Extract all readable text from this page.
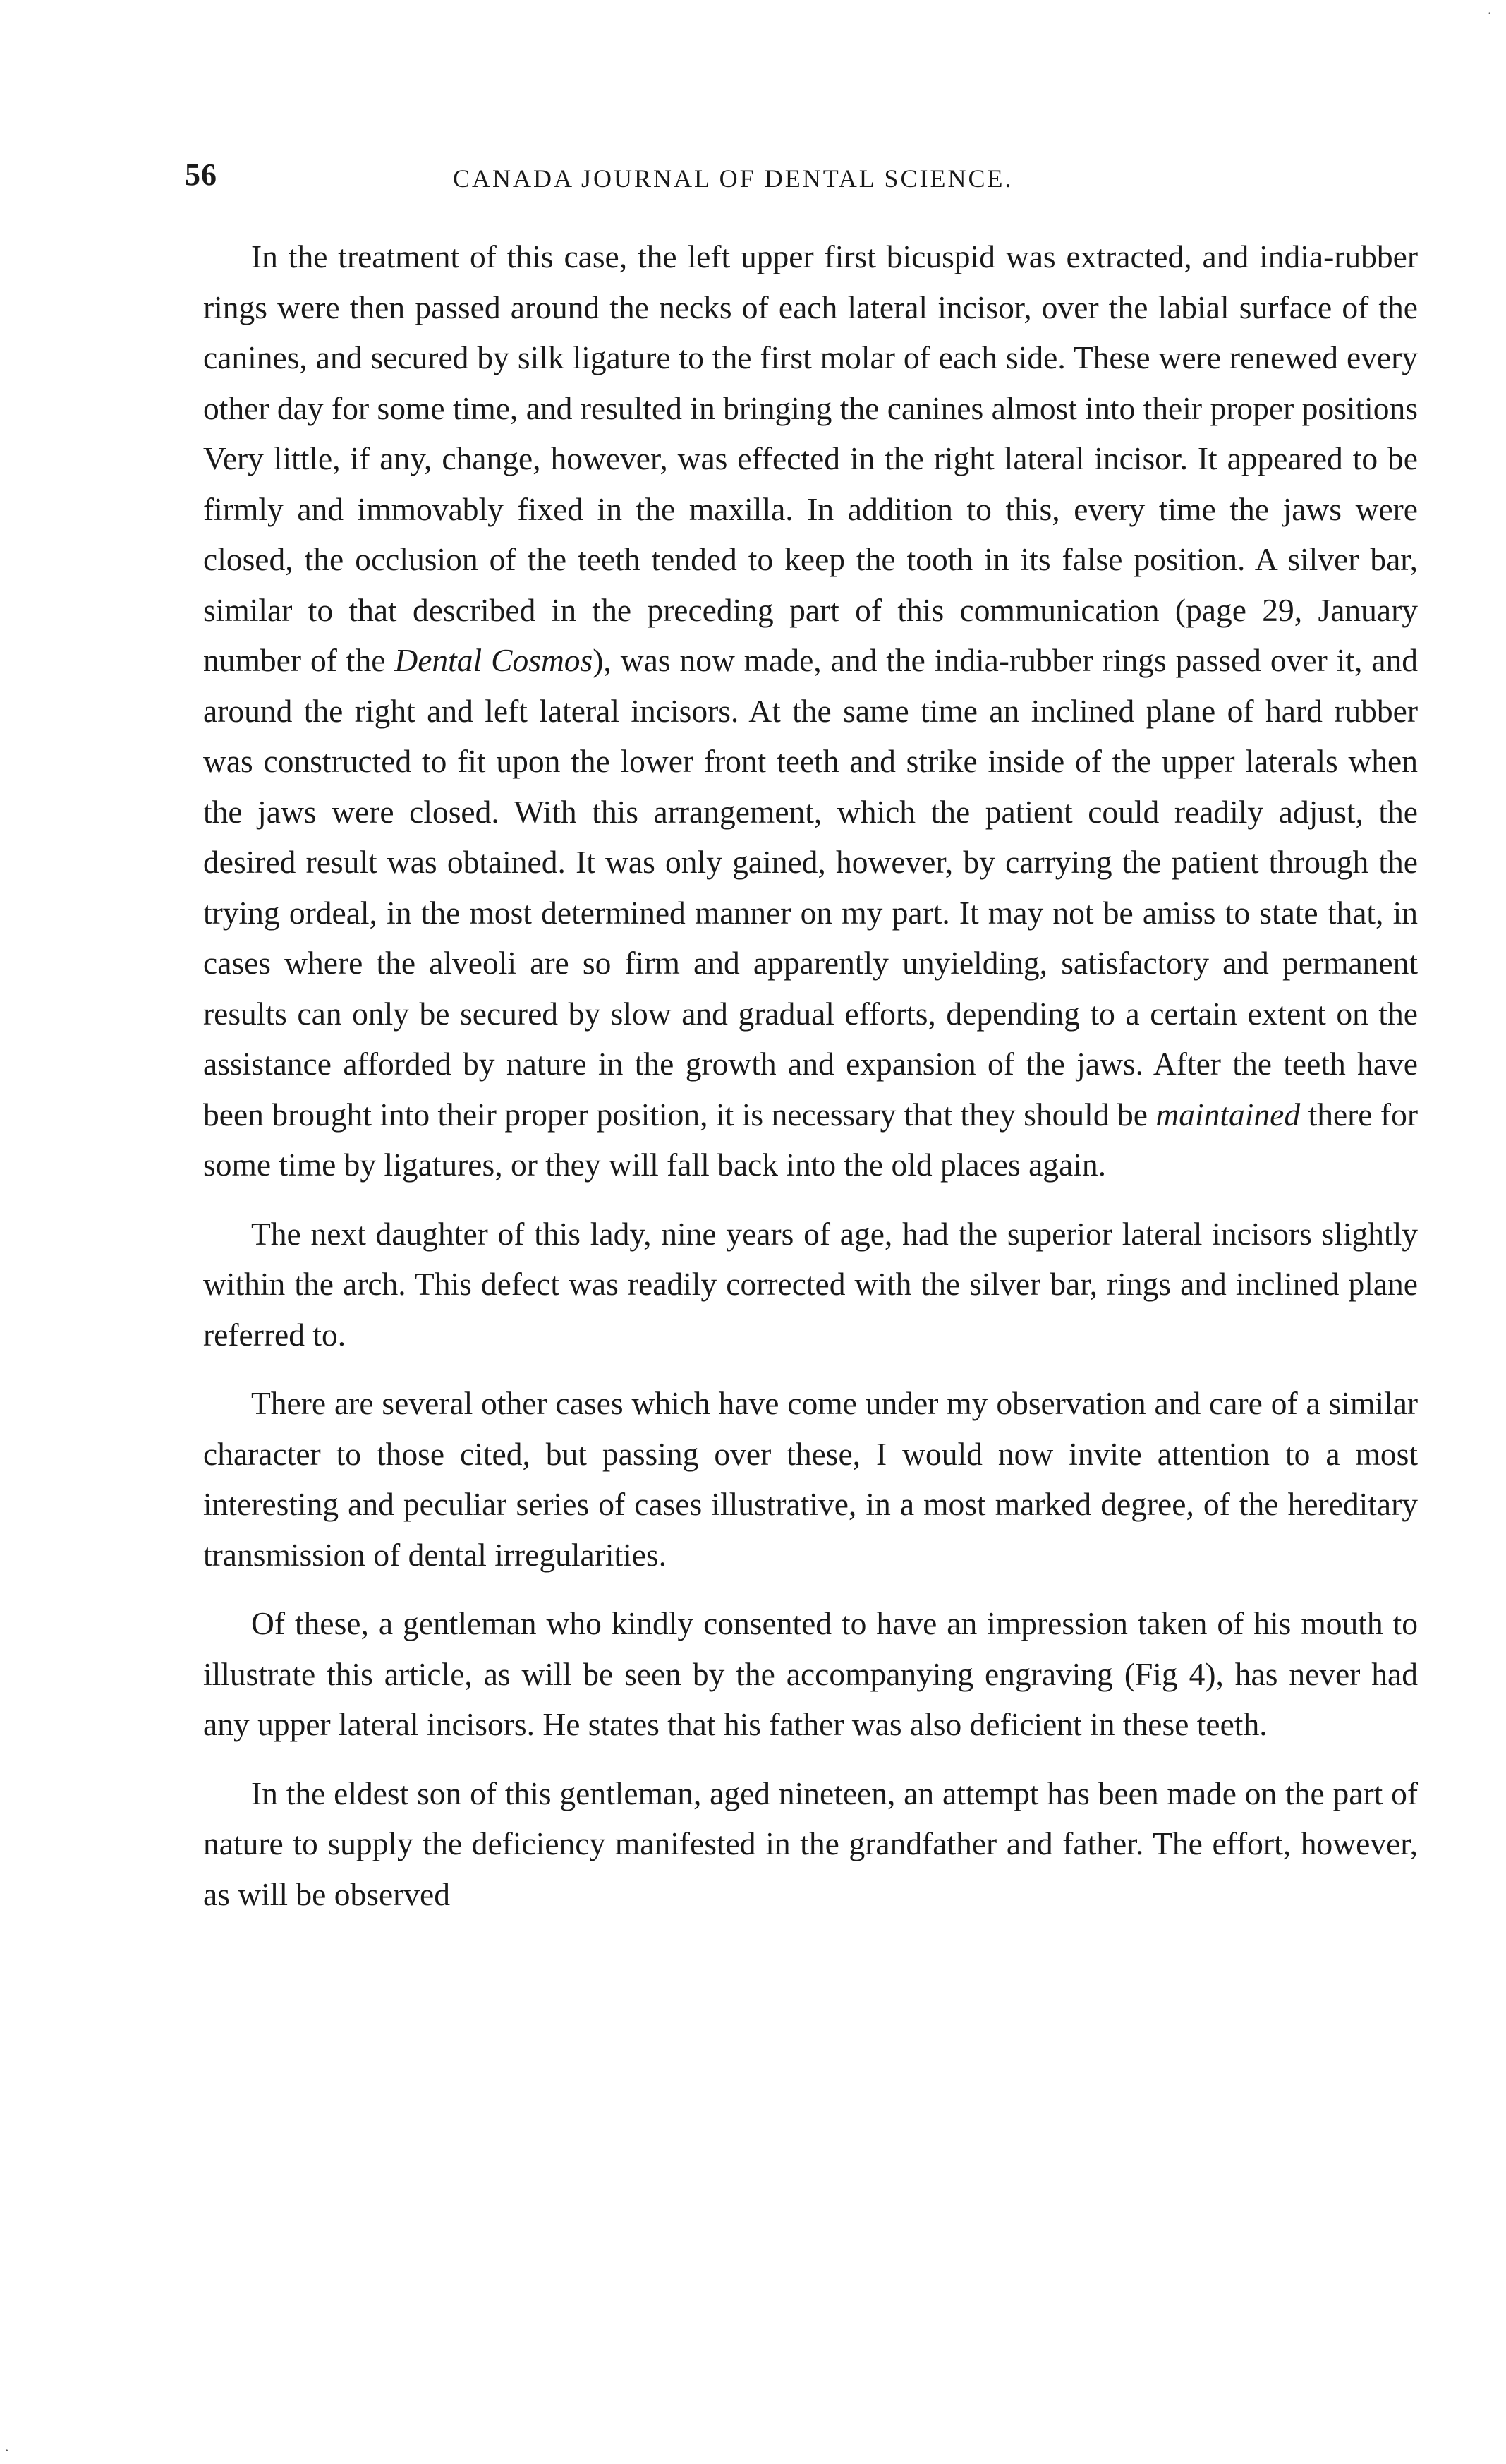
56	CANADA JOURNAL OF DENTAL SCIENCE.

In the treatment of this case, the left upper first bicuspid was extracted, and india-rubber rings were then passed around the necks of each lateral incisor, over the labial surface of the canines, and secured by silk ligature to the first molar of each side. These were renewed every other day for some time, and resulted in bringing the canines almost into their proper positions Very little, if any, change, however, was effected in the right lateral incisor. It appeared to be firmly and immovably fixed in the maxilla. In addition to this, every time the jaws were closed, the occlusion of the teeth tended to keep the tooth in its false position. A silver bar, similar to that described in the preceding part of this communication (page 29, January number of the Dental Cosmos), was now made, and the india-rubber rings passed over it, and around the right and left lateral incisors. At the same time an inclined plane of hard rubber was constructed to fit upon the lower front teeth and strike inside of the upper laterals when the jaws were closed. With this arrangement, which the patient could readily adjust, the desired result was obtained. It was only gained, however, by carrying the patient through the trying ordeal, in the most determined manner on my part. It may not be amiss to state that, in cases where the alveoli are so firm and apparently unyielding, satisfactory and permanent results can only be secured by slow and gradual efforts, depending to a certain extent on the assistance afforded by nature in the growth and expansion of the jaws. After the teeth have been brought into their proper position, it is necessary that they should be maintained there for some time by ligatures, or they will fall back into the old places again.

The next daughter of this lady, nine years of age, had the superior lateral incisors slightly within the arch. This defect was readily corrected with the silver bar, rings and inclined plane referred to.

There are several other cases which have come under my observation and care of a similar character to those cited, but passing over these, I would now invite attention to a most interesting and peculiar series of cases illustrative, in a most marked degree, of the hereditary transmission of dental irregularities.

Of these, a gentleman who kindly consented to have an impression taken of his mouth to illustrate this article, as will be seen by the accompanying engraving (Fig 4), has never had any upper lateral incisors. He states that his father was also deficient in these teeth.

In the eldest son of this gentleman, aged nineteen, an attempt has been made on the part of nature to supply the deficiency manifested in the grandfather and father. The effort, however, as will be observed

·
·
